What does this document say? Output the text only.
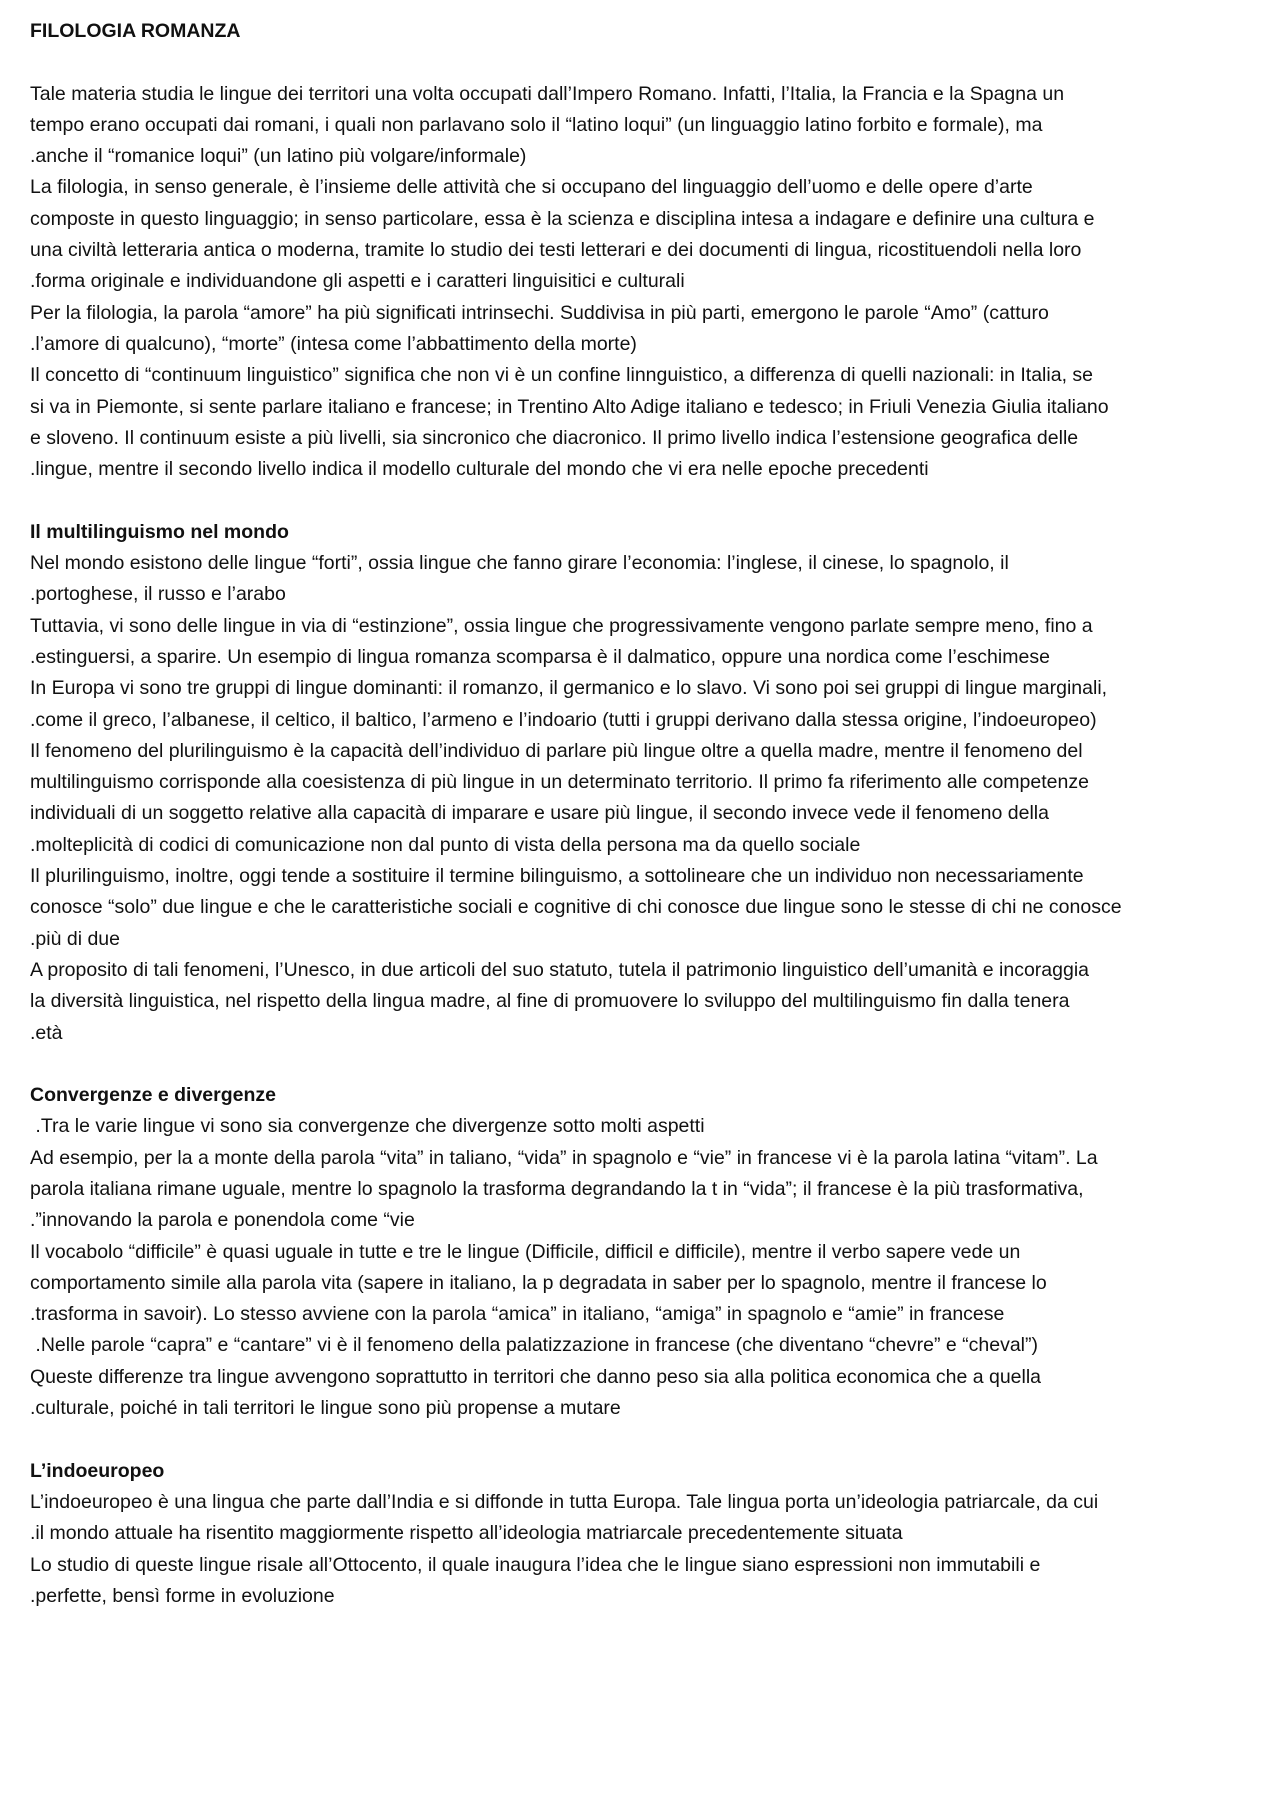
FILOLOGIA ROMANZA
Tale materia studia le lingue dei territori una volta occupati dall’Impero Romano. Infatti, l’Italia, la Francia e la Spagna un
tempo erano occupati dai romani, i quali non parlavano solo il “latino loqui” (un linguaggio latino forbito e formale), ma
.anche il “romanice loqui” (un latino più volgare/informale)
La filologia, in senso generale, è l’insieme delle attività che si occupano del linguaggio dell’uomo e delle opere d’arte
composte in questo linguaggio; in senso particolare, essa è la scienza e disciplina intesa a indagare e definire una cultura e
una civiltà letteraria antica o moderna, tramite lo studio dei testi letterari e dei documenti di lingua, ricostituendoli nella loro
.forma originale e individuandone gli aspetti e i caratteri linguisitici e culturali
Per la filologia, la parola “amore” ha più significati intrinsechi. Suddivisa in più parti, emergono le parole “Amo” (catturo
.l’amore di qualcuno), “morte” (intesa come l’abbattimento della morte)
Il concetto di “continuum linguistico” significa che non vi è un confine linnguistico, a differenza di quelli nazionali: in Italia, se
si va in Piemonte, si sente parlare italiano e francese; in Trentino Alto Adige italiano e tedesco; in Friuli Venezia Giulia italiano
e sloveno. Il continuum esiste a più livelli, sia sincronico che diacronico. Il primo livello indica l’estensione geografica delle
.lingue, mentre il secondo livello indica il modello culturale del mondo che vi era nelle epoche precedenti
Il multilinguismo nel mondo
Nel mondo esistono delle lingue “forti”, ossia lingue che fanno girare l’economia: l’inglese, il cinese, lo spagnolo, il
.portoghese, il russo e l’arabo
Tuttavia, vi sono delle lingue in via di “estinzione”, ossia lingue che progressivamente vengono parlate sempre meno, fino a
.estinguersi, a sparire. Un esempio di lingua romanza scomparsa è il dalmatico, oppure una nordica come l’eschimese
In Europa vi sono tre gruppi di lingue dominanti: il romanzo, il germanico e lo slavo. Vi sono poi sei gruppi di lingue marginali,
.come il greco, l’albanese, il celtico, il baltico, l’armeno e l’indoario (tutti i gruppi derivano dalla stessa origine, l’indoeuropeo)
Il fenomeno del plurilinguismo è la capacità dell’individuo di parlare più lingue oltre a quella madre, mentre il fenomeno del
multilinguismo corrisponde alla coesistenza di più lingue in un determinato territorio. Il primo fa riferimento alle competenze
individuali di un soggetto relative alla capacità di imparare e usare più lingue, il secondo invece vede il fenomeno della
.molteplicità di codici di comunicazione non dal punto di vista della persona ma da quello sociale
Il plurilinguismo, inoltre, oggi tende a sostituire il termine bilinguismo, a sottolineare che un individuo non necessariamente
conosce “solo” due lingue e che le caratteristiche sociali e cognitive di chi conosce due lingue sono le stesse di chi ne conosce
.più di due
A proposito di tali fenomeni, l’Unesco, in due articoli del suo statuto, tutela il patrimonio linguistico dell’umanità e incoraggia
la diversità linguistica, nel rispetto della lingua madre, al fine di promuovere lo sviluppo del multilinguismo fin dalla tenera
.età
Convergenze e divergenze
.Tra le varie lingue vi sono sia convergenze che divergenze sotto molti aspetti
Ad esempio, per la a monte della parola “vita” in taliano, “vida” in spagnolo e “vie” in francese vi è la parola latina “vitam”. La
parola italiana rimane uguale, mentre lo spagnolo la trasforma degrandando la t in “vida”; il francese è la più trasformativa,
.”innovando la parola e ponendola come “vie
Il vocabolo “difficile” è quasi uguale in tutte e tre le lingue (Difficile, difficil e difficile), mentre il verbo sapere vede un
comportamento simile alla parola vita (sapere in italiano, la p degradata in saber per lo spagnolo, mentre il francese lo
.trasforma in savoir). Lo stesso avviene con la parola “amica” in italiano, “amiga” in spagnolo e “amie” in francese
.Nelle parole “capra” e “cantare” vi è il fenomeno della palatizzazione in francese (che diventano “chevre” e “cheval”)
Queste differenze tra lingue avvengono soprattutto in territori che danno peso sia alla politica economica che a quella
.culturale, poiché in tali territori le lingue sono più propense a mutare
L’indoeuropeo
L’indoeuropeo è una lingua che parte dall’India e si diffonde in tutta Europa. Tale lingua porta un’ideologia patriarcale, da cui
.il mondo attuale ha risentito maggiormente rispetto all’ideologia matriarcale precedentemente situata
Lo studio di queste lingue risale all’Ottocento, il quale inaugura l’idea che le lingue siano espressioni non immutabili e
.perfette, bensì forme in evoluzione
